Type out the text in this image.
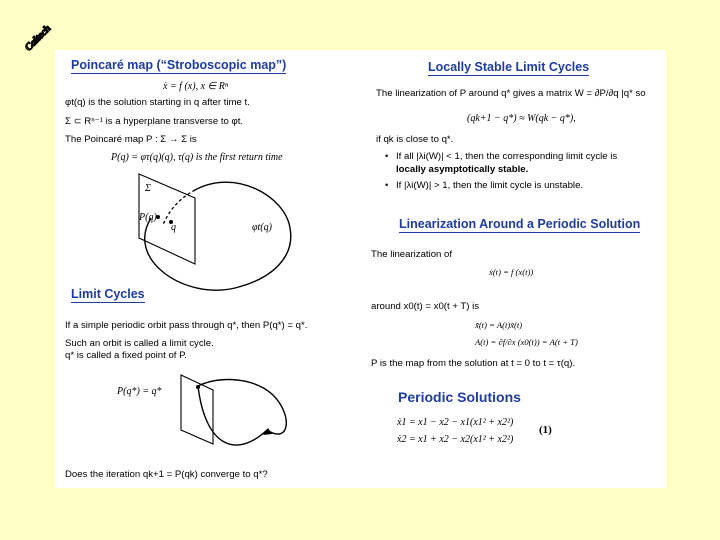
Caltech
Poincaré map (“Stroboscopic map”)
ẋ = f (x), x ∈ Rⁿ
φt(q) is the solution starting in q after time t.
Σ ⊂ Rⁿ⁻¹ is a hyperplane transverse to φt.
The Poincaré map P : Σ → Σ is
P(q) = φτ(q)(q), τ(q) is the first return time
Σ
P(q)
q	φt(q)
Limit Cycles
If a simple periodic orbit pass through q*, then P(q*) = q*.
Such an orbit is called a limit cycle.
q* is called a fixed point of P.
P(q*) = q*
Does the iteration qk+1 = P(qk) converge to q*?
Locally Stable Limit Cycles
The linearization of P around q* gives a matrix W = ∂P/∂q |q* so
(qk+1 − q*) ≈ W(qk − q*),
if qk is close to q*.
• If all |λi(W)| < 1, then the corresponding limit cycle is
locally asymptotically stable.
• If |λi(W)| > 1, then the limit cycle is unstable.
Linearization Around a Periodic Solution
The linearization of
ẋ(t) = f (x(t))
around x0(t) = x0(t + T) is
x̃̇(t) = A(t)x̃(t)
A(t) = ∂f/∂x (x0(t)) = A(t + T)
P is the map from the solution at t = 0 to t = τ(q).
Periodic Solutions
ẋ1 = x1 − x2 − x1(x1² + x2²)
ẋ2 = x1 + x2 − x2(x1² + x2²)
(1)
